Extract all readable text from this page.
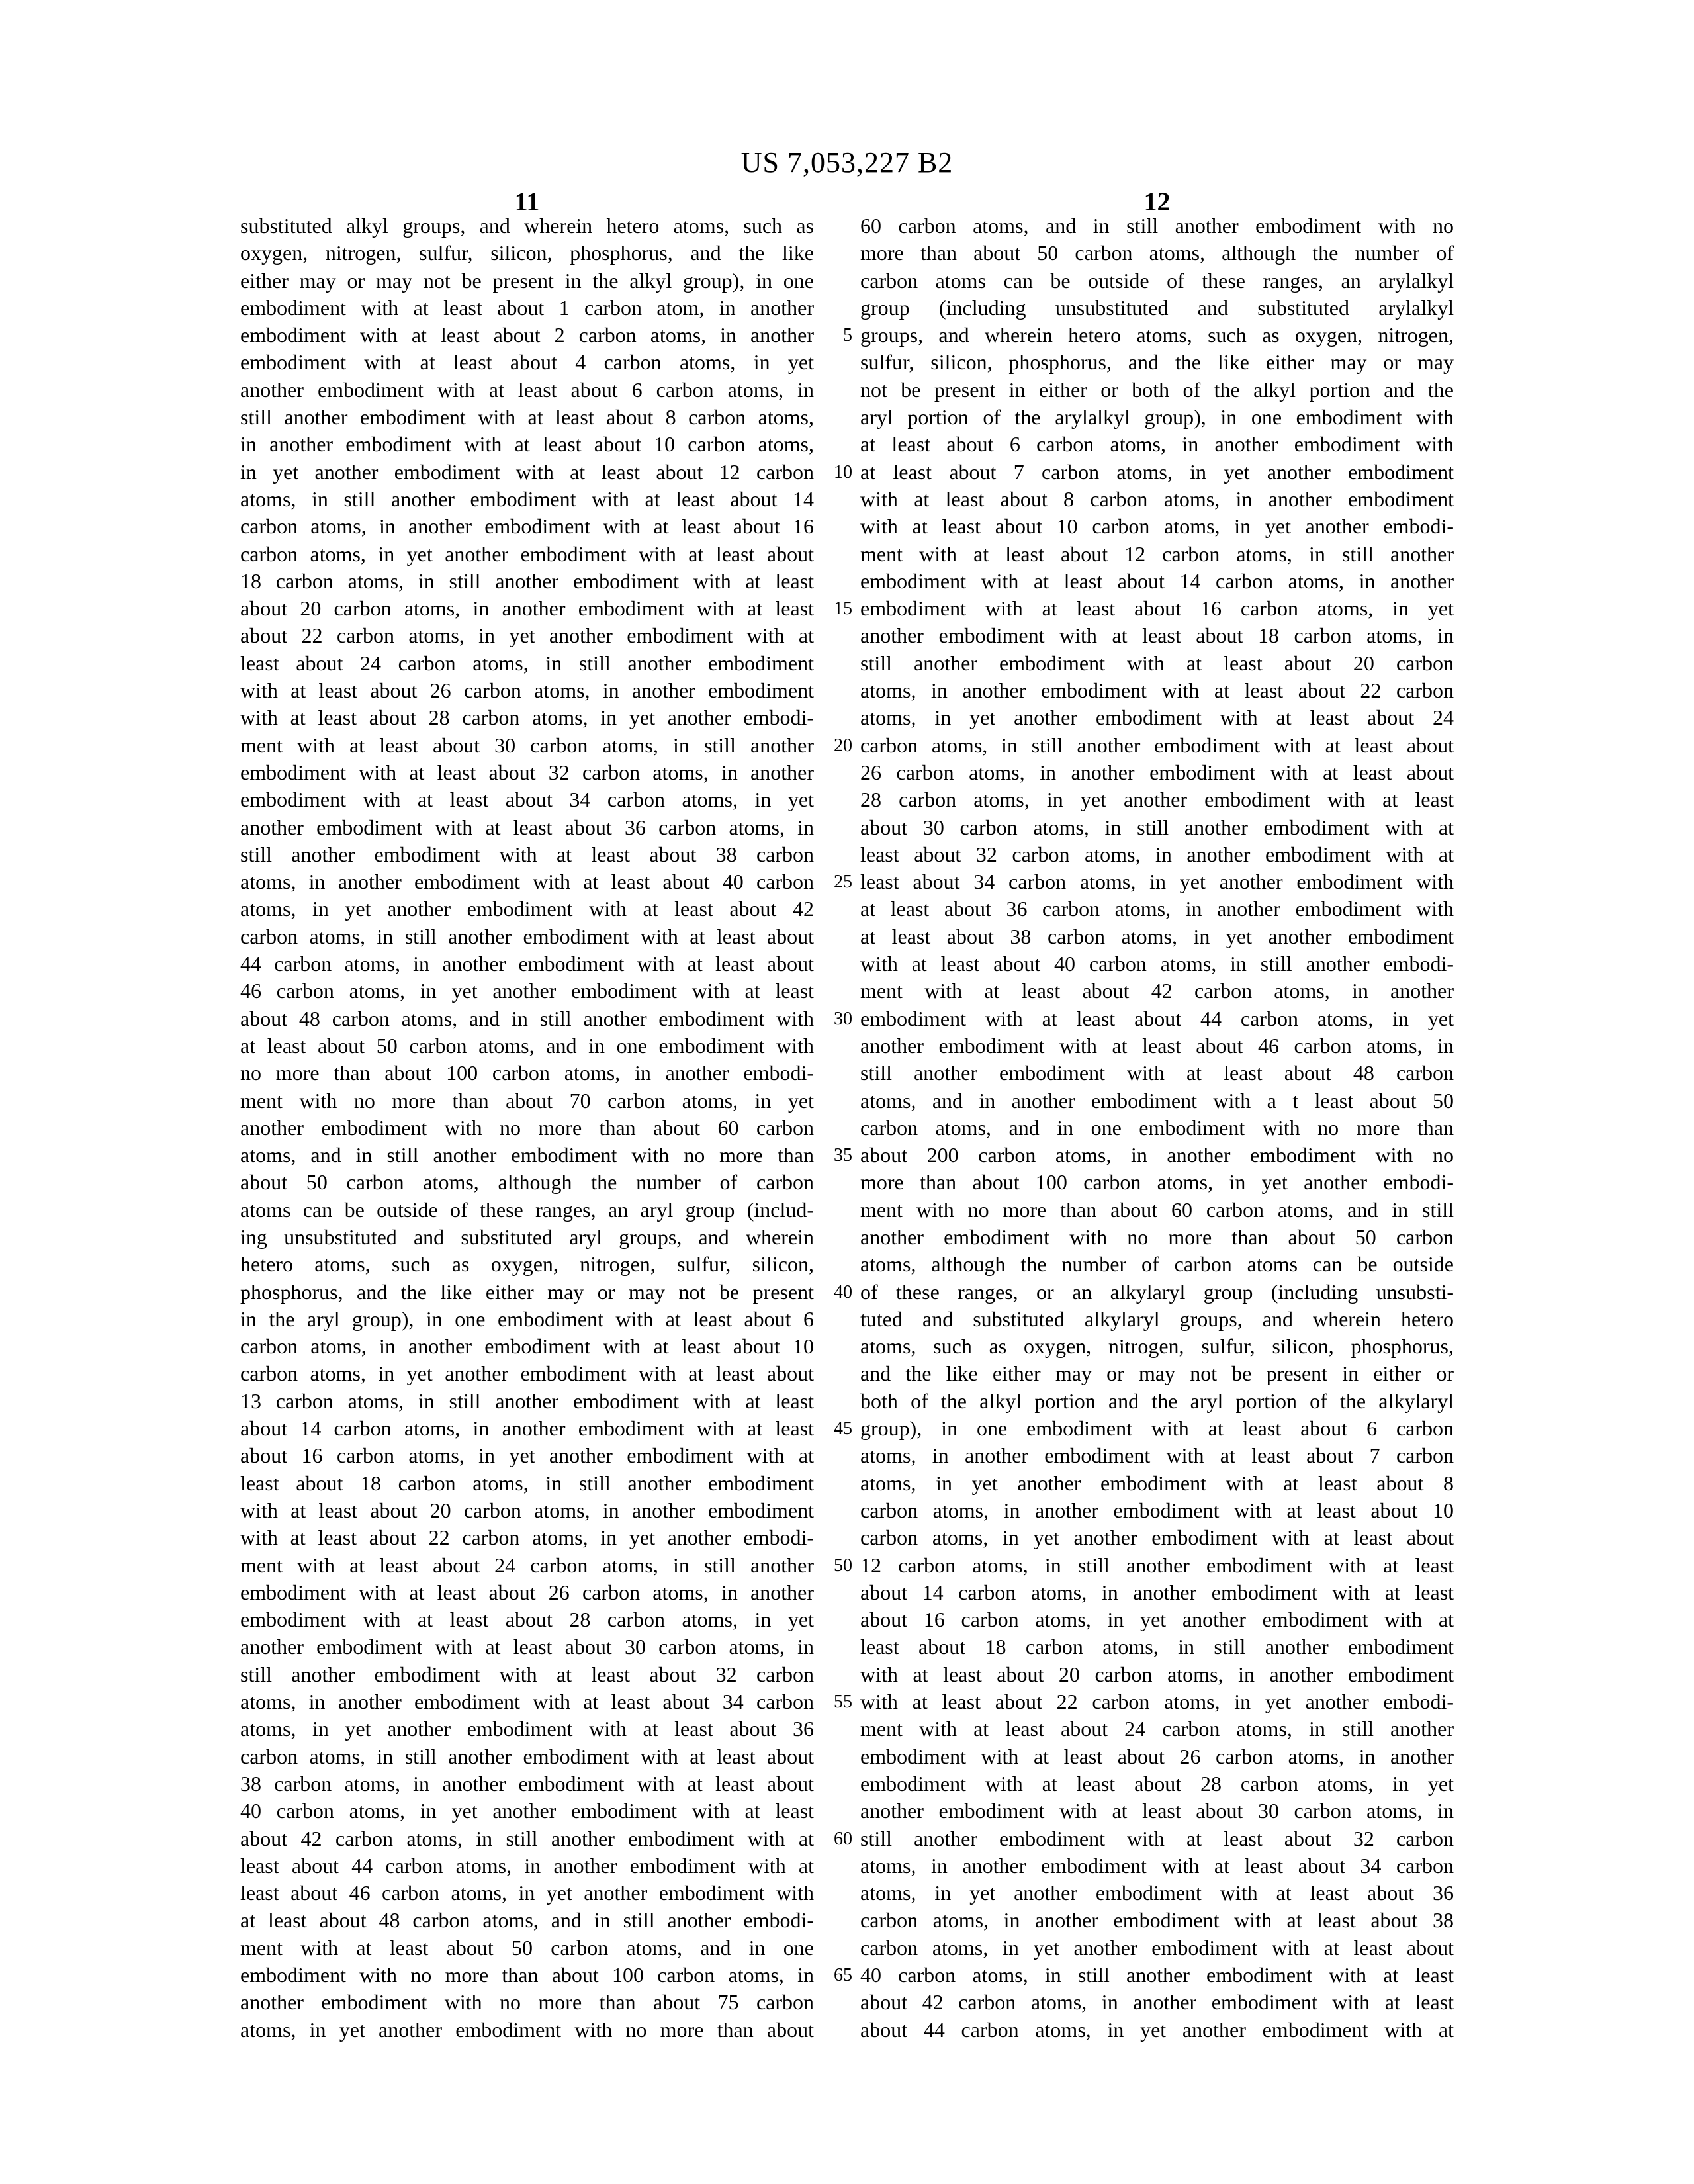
US 7,053,227 B2
11	12
substituted alkyl groups, and wherein hetero atoms, such as
oxygen, nitrogen, sulfur, silicon, phosphorus, and the like
either may or may not be present in the alkyl group), in one
embodiment with at least about 1 carbon atom, in another
embodiment with at least about 2 carbon atoms, in another
embodiment with at least about 4 carbon atoms, in yet
another embodiment with at least about 6 carbon atoms, in
still another embodiment with at least about 8 carbon atoms,
in another embodiment with at least about 10 carbon atoms,
in yet another embodiment with at least about 12 carbon
atoms, in still another embodiment with at least about 14
carbon atoms, in another embodiment with at least about 16
carbon atoms, in yet another embodiment with at least about
18 carbon atoms, in still another embodiment with at least
about 20 carbon atoms, in another embodiment with at least
about 22 carbon atoms, in yet another embodiment with at
least about 24 carbon atoms, in still another embodiment
with at least about 26 carbon atoms, in another embodiment
with at least about 28 carbon atoms, in yet another embodi-
ment with at least about 30 carbon atoms, in still another
embodiment with at least about 32 carbon atoms, in another
embodiment with at least about 34 carbon atoms, in yet
another embodiment with at least about 36 carbon atoms, in
still another embodiment with at least about 38 carbon
atoms, in another embodiment with at least about 40 carbon
atoms, in yet another embodiment with at least about 42
carbon atoms, in still another embodiment with at least about
44 carbon atoms, in another embodiment with at least about
46 carbon atoms, in yet another embodiment with at least
about 48 carbon atoms, and in still another embodiment with
at least about 50 carbon atoms, and in one embodiment with
no more than about 100 carbon atoms, in another embodi-
ment with no more than about 70 carbon atoms, in yet
another embodiment with no more than about 60 carbon
atoms, and in still another embodiment with no more than
about 50 carbon atoms, although the number of carbon
atoms can be outside of these ranges, an aryl group (includ-
ing unsubstituted and substituted aryl groups, and wherein
hetero atoms, such as oxygen, nitrogen, sulfur, silicon,
phosphorus, and the like either may or may not be present
in the aryl group), in one embodiment with at least about 6
carbon atoms, in another embodiment with at least about 10
carbon atoms, in yet another embodiment with at least about
13 carbon atoms, in still another embodiment with at least
about 14 carbon atoms, in another embodiment with at least
about 16 carbon atoms, in yet another embodiment with at
least about 18 carbon atoms, in still another embodiment
with at least about 20 carbon atoms, in another embodiment
with at least about 22 carbon atoms, in yet another embodi-
ment with at least about 24 carbon atoms, in still another
embodiment with at least about 26 carbon atoms, in another
embodiment with at least about 28 carbon atoms, in yet
another embodiment with at least about 30 carbon atoms, in
still another embodiment with at least about 32 carbon
atoms, in another embodiment with at least about 34 carbon
atoms, in yet another embodiment with at least about 36
carbon atoms, in still another embodiment with at least about
38 carbon atoms, in another embodiment with at least about
40 carbon atoms, in yet another embodiment with at least
about 42 carbon atoms, in still another embodiment with at
least about 44 carbon atoms, in another embodiment with at
least about 46 carbon atoms, in yet another embodiment with
at least about 48 carbon atoms, and in still another embodi-
ment with at least about 50 carbon atoms, and in one
embodiment with no more than about 100 carbon atoms, in
another embodiment with no more than about 75 carbon
atoms, in yet another embodiment with no more than about
5
10
15
20
25
30
35
40
45
50
55
60
65
60 carbon atoms, and in still another embodiment with no
more than about 50 carbon atoms, although the number of
carbon atoms can be outside of these ranges, an arylalkyl
group (including unsubstituted and substituted arylalkyl
groups, and wherein hetero atoms, such as oxygen, nitrogen,
sulfur, silicon, phosphorus, and the like either may or may
not be present in either or both of the alkyl portion and the
aryl portion of the arylalkyl group), in one embodiment with
at least about 6 carbon atoms, in another embodiment with
at least about 7 carbon atoms, in yet another embodiment
with at least about 8 carbon atoms, in another embodiment
with at least about 10 carbon atoms, in yet another embodi-
ment with at least about 12 carbon atoms, in still another
embodiment with at least about 14 carbon atoms, in another
embodiment with at least about 16 carbon atoms, in yet
another embodiment with at least about 18 carbon atoms, in
still another embodiment with at least about 20 carbon
atoms, in another embodiment with at least about 22 carbon
atoms, in yet another embodiment with at least about 24
carbon atoms, in still another embodiment with at least about
26 carbon atoms, in another embodiment with at least about
28 carbon atoms, in yet another embodiment with at least
about 30 carbon atoms, in still another embodiment with at
least about 32 carbon atoms, in another embodiment with at
least about 34 carbon atoms, in yet another embodiment with
at least about 36 carbon atoms, in another embodiment with
at least about 38 carbon atoms, in yet another embodiment
with at least about 40 carbon atoms, in still another embodi-
ment with at least about 42 carbon atoms, in another
embodiment with at least about 44 carbon atoms, in yet
another embodiment with at least about 46 carbon atoms, in
still another embodiment with at least about 48 carbon
atoms, and in another embodiment with a t least about 50
carbon atoms, and in one embodiment with no more than
about 200 carbon atoms, in another embodiment with no
more than about 100 carbon atoms, in yet another embodi-
ment with no more than about 60 carbon atoms, and in still
another embodiment with no more than about 50 carbon
atoms, although the number of carbon atoms can be outside
of these ranges, or an alkylaryl group (including unsubsti-
tuted and substituted alkylaryl groups, and wherein hetero
atoms, such as oxygen, nitrogen, sulfur, silicon, phosphorus,
and the like either may or may not be present in either or
both of the alkyl portion and the aryl portion of the alkylaryl
group), in one embodiment with at least about 6 carbon
atoms, in another embodiment with at least about 7 carbon
atoms, in yet another embodiment with at least about 8
carbon atoms, in another embodiment with at least about 10
carbon atoms, in yet another embodiment with at least about
12 carbon atoms, in still another embodiment with at least
about 14 carbon atoms, in another embodiment with at least
about 16 carbon atoms, in yet another embodiment with at
least about 18 carbon atoms, in still another embodiment
with at least about 20 carbon atoms, in another embodiment
with at least about 22 carbon atoms, in yet another embodi-
ment with at least about 24 carbon atoms, in still another
embodiment with at least about 26 carbon atoms, in another
embodiment with at least about 28 carbon atoms, in yet
another embodiment with at least about 30 carbon atoms, in
still another embodiment with at least about 32 carbon
atoms, in another embodiment with at least about 34 carbon
atoms, in yet another embodiment with at least about 36
carbon atoms, in another embodiment with at least about 38
carbon atoms, in yet another embodiment with at least about
40 carbon atoms, in still another embodiment with at least
about 42 carbon atoms, in another embodiment with at least
about 44 carbon atoms, in yet another embodiment with at
